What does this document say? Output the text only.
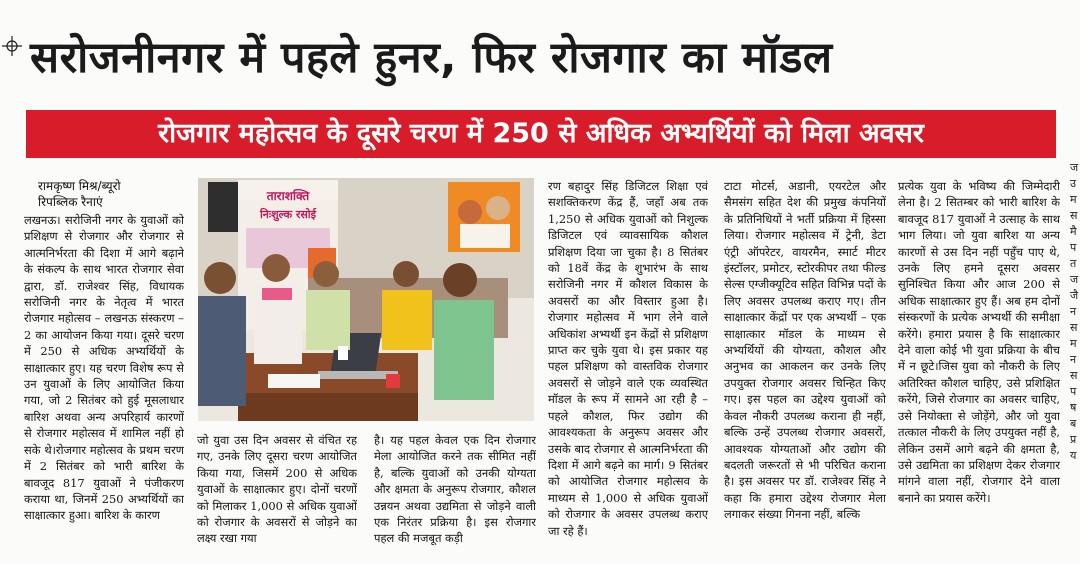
सरोजनीनगर में पहले हुनर, फिर रोजगार का मॉडल
रोजगार महोत्सव के दूसरे चरण में 250 से अधिक अभ्यर्थियों को मिला अवसर
रामकृष्ण मिश्र/ब्यूरो
रिपब्लिक रैनाएं
लखनऊ। सरोजिनी नगर के युवाओं को प्रशिक्षण से रोजगार और रोजगार से आत्मनिर्भरता की दिशा में आगे बढ़ाने के संकल्प के साथ भारत रोजगार सेवा द्वारा, डॉ. राजेश्वर सिंह, विधायक सरोजिनी नगर के नेतृत्व में भारत रोजगार महोत्सव – लखनऊ संस्करण – 2 का आयोजन किया गया। दूसरे चरण में 250 से अधिक अभ्यर्थियों के साक्षात्कार हुए। यह चरण विशेष रूप से उन युवाओं के लिए आयोजित किया गया, जो 2 सितंबर को हुई मूसलाधार बारिश अथवा अन्य अपरिहार्य कारणों से रोजगार महोत्सव में शामिल नहीं हो सके थे।रोजगार महोत्सव के प्रथम चरण में 2 सितंबर को भारी बारिश के बावजूद 817 युवाओं ने पंजीकरण कराया था, जिनमें 250 अभ्यर्थियों का साक्षात्कार हुआ। बारिश के कारण
ताराशक्ति
निःशुल्क रसोई
जो युवा उस दिन अवसर से वंचित रह गए, उनके लिए दूसरा चरण आयोजित किया गया, जिसमें 200 से अधिक युवाओं के साक्षात्कार हुए। दोनों चरणों को मिलाकर 1,000 से अधिक युवाओं को रोजगार के अवसरों से जोड़ने का लक्ष्य रखा गया
है। यह पहल केवल एक दिन रोजगार मेला आयोजित करने तक सीमित नहीं है, बल्कि युवाओं को उनकी योग्यता और क्षमता के अनुरूप रोजगार, कौशल उन्नयन अथवा उद्यमिता से जोड़ने वाली एक निरंतर प्रक्रिया है। इस रोजगार पहल की मजबूत कड़ी
रण बहादुर सिंह डिजिटल शिक्षा एवं सशक्तिकरण केंद्र हैं, जहाँ अब तक 1,250 से अधिक युवाओं को निशुल्क डिजिटल एवं व्यावसायिक कौशल प्रशिक्षण दिया जा चुका है। 8 सितंबर को 18वें केंद्र के शुभारंभ के साथ सरोजिनी नगर में कौशल विकास के अवसरों का और विस्तार हुआ है।रोजगार महोत्सव में भाग लेने वाले अधिकांश अभ्यर्थी इन केंद्रों से प्रशिक्षण प्राप्त कर चुके युवा थे। इस प्रकार यह पहल प्रशिक्षण को वास्तविक रोजगार अवसरों से जोड़ने वाले एक व्यवस्थित मॉडल के रूप में सामने आ रही है – पहले कौशल, फिर उद्योग की आवश्यकता के अनुरूप अवसर और उसके बाद रोजगार से आत्मनिर्भरता की दिशा में आगे बढ़ने का मार्ग। 9 सितंबर को आयोजित रोजगार महोत्सव के माध्यम से 1,000 से अधिक युवाओं को रोजगार के अवसर उपलब्ध कराए जा रहे हैं।
टाटा मोटर्स, अडानी, एयरटेल और सैमसंग सहित देश की प्रमुख कंपनियों के प्रतिनिधियों ने भर्ती प्रक्रिया में हिस्सा लिया। रोजगार महोत्सव में ट्रेनी, डेटा एंट्री ऑपरेटर, वायरमैन, स्मार्ट मीटर इंस्टॉलर, प्रमोटर, स्टोरकीपर तथा फील्ड सेल्स एग्जीक्यूटिव सहित विभिन्न पदों के लिए अवसर उपलब्ध कराए गए। तीन साक्षात्कार केंद्रों पर एक अभ्यर्थी – एक साक्षात्कार मॉडल के माध्यम से अभ्यर्थियों की योग्यता, कौशल और अनुभव का आकलन कर उनके लिए उपयुक्त रोजगार अवसर चिन्हित किए गए। इस पहल का उद्देश्य युवाओं को केवल नौकरी उपलब्ध कराना ही नहीं, बल्कि उन्हें उपलब्ध रोजगार अवसरों, आवश्यक योग्यताओं और उद्योग की बदलती जरूरतों से भी परिचित कराना है। इस अवसर पर डॉ. राजेश्वर सिंह ने कहा कि हमारा उद्देश्य रोजगार मेला लगाकर संख्या गिनना नहीं, बल्कि
प्रत्येक युवा के भविष्य की जिम्मेदारी लेना है। 2 सितम्बर को भारी बारिश के बावजूद 817 युवाओं ने उत्साह के साथ भाग लिया। जो युवा बारिश या अन्य कारणों से उस दिन नहीं पहुँच पाए थे, उनके लिए हमने दूसरा अवसर सुनिश्चित किया और आज 200 से अधिक साक्षात्कार हुए हैं। अब हम दोनों संस्करणों के प्रत्येक अभ्यर्थी की समीक्षा करेंगे। हमारा प्रयास है कि साक्षात्कार देने वाला कोई भी युवा प्रक्रिया के बीच में न छूटे।जिस युवा को नौकरी के लिए अतिरिक्त कौशल चाहिए, उसे प्रशिक्षित करेंगे, जिसे रोजगार का अवसर चाहिए, उसे नियोक्ता से जोड़ेंगे, और जो युवा तत्काल नौकरी के लिए उपयुक्त नहीं है, लेकिन उसमें आगे बढ़ने की क्षमता है, उसे उद्यमिता का प्रशिक्षण देकर रोजगार मांगने वाला नहीं, रोजगार देने वाला बनाने का प्रयास करेंगे।
ज उ म स मै प त ज जै न स म न स प ष ब प्र य
